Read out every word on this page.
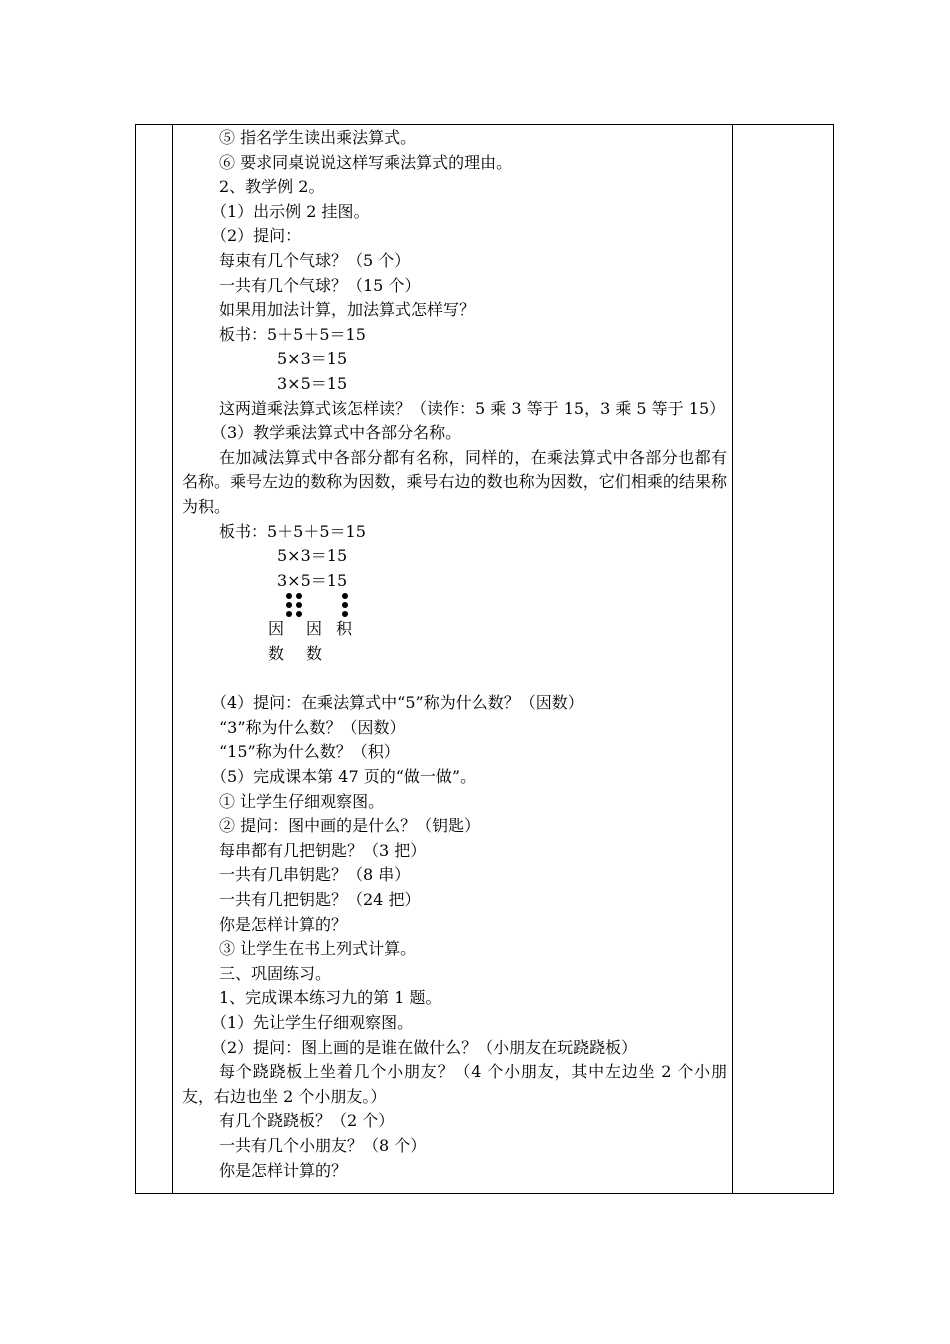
⑤ 指名学生读出乘法算式。
⑥ 要求同桌说说这样写乘法算式的理由。
2、教学例 2。
（1）出示例 2 挂图。
（2）提问：
每束有几个气球？（5 个）
一共有几个气球？（15 个）
如果用加法计算，加法算式怎样写？
板书：5＋5＋5＝15
5×3＝15
3×5＝15
这两道乘法算式该怎样读？（读作：5 乘 3 等于 15，3 乘 5 等于 15）
（3）教学乘法算式中各部分名称。
在加减法算式中各部分都有名称，同样的，在乘法算式中各部分也都有名称。乘号左边的数称为因数，乘号右边的数也称为因数，它们相乘的结果称为积。
板书：5＋5＋5＝15
5×3＝15
3×5＝15
因
数
因
数
积
（4）提问：在乘法算式中“5”称为什么数？（因数）
“3”称为什么数？（因数）
“15”称为什么数？（积）
（5）完成课本第 47 页的“做一做”。
① 让学生仔细观察图。
② 提问：图中画的是什么？（钥匙）
每串都有几把钥匙？（3 把）
一共有几串钥匙？（8 串）
一共有几把钥匙？（24 把）
你是怎样计算的？
③ 让学生在书上列式计算。
三、巩固练习。
1、完成课本练习九的第 1 题。
（1）先让学生仔细观察图。
（2）提问：图上画的是谁在做什么？（小朋友在玩跷跷板）
每个跷跷板上坐着几个小朋友？（4 个小朋友，其中左边坐 2 个小朋友，右边也坐 2 个小朋友。）
有几个跷跷板？（2 个）
一共有几个小朋友？（8 个）
你是怎样计算的？
